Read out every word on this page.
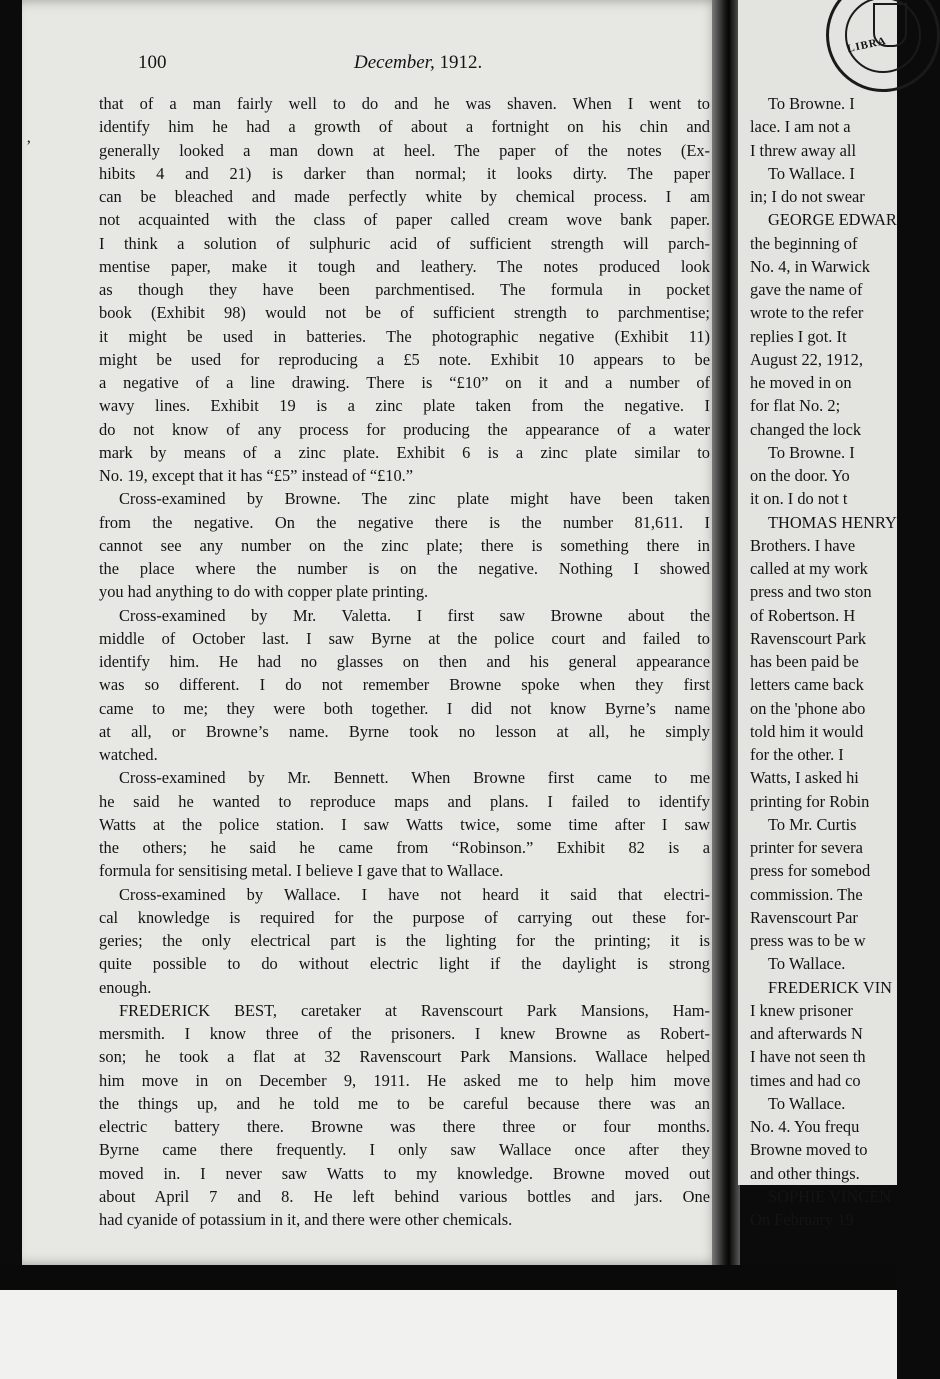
To Browne. I
lace. I am not a
I threw away all
To Wallace. I
in; I do not swear
GEORGE EDWAR
the beginning of
No. 4, in Warwick
gave the name of
wrote to the refer
replies I got. It
August 22, 1912,
he moved in on
for flat No. 2;
changed the lock
To Browne. I
on the door. Yo
it on. I do not t
THOMAS HENRY
Brothers. I have
called at my work
press and two ston
of Robertson. H
Ravenscourt Park
has been paid be
letters came back
on the 'phone abo
told him it would
for the other. I
Watts, I asked hi
printing for Robin
To Mr. Curtis
printer for severa
press for somebod
commission. The
Ravenscourt Par
press was to be w
To Wallace.
FREDERICK VIN
I knew prisoner
and afterwards N
I have not seen th
times and had co
To Wallace.
No. 4. You frequ
Browne moved to
and other things.
SOPHIE VINCEN
On February 19
LIBRA
’
100	December, 1912.
that of a man fairly well to do and he was shaven. When I went to
identify him he had a growth of about a fortnight on his chin and
generally looked a man down at heel. The paper of the notes (Ex-
hibits 4 and 21) is darker than normal; it looks dirty. The paper
can be bleached and made perfectly white by chemical process. I am
not acquainted with the class of paper called cream wove bank paper.
I think a solution of sulphuric acid of sufficient strength will parch-
mentise paper, make it tough and leathery. The notes produced look
as though they have been parchmentised. The formula in pocket
book (Exhibit 98) would not be of sufficient strength to parchmentise;
it might be used in batteries. The photographic negative (Exhibit 11)
might be used for reproducing a £5 note. Exhibit 10 appears to be
a negative of a line drawing. There is “£10” on it and a number of
wavy lines. Exhibit 19 is a zinc plate taken from the negative. I
do not know of any process for producing the appearance of a water
mark by means of a zinc plate. Exhibit 6 is a zinc plate similar to
No. 19, except that it has “£5” instead of “£10.”
Cross-examined by Browne. The zinc plate might have been taken
from the negative. On the negative there is the number 81,611. I
cannot see any number on the zinc plate; there is something there in
the place where the number is on the negative. Nothing I showed
you had anything to do with copper plate printing.
Cross-examined by Mr. Valetta. I first saw Browne about the
middle of October last. I saw Byrne at the police court and failed to
identify him. He had no glasses on then and his general appearance
was so different. I do not remember Browne spoke when they first
came to me; they were both together. I did not know Byrne’s name
at all, or Browne’s name. Byrne took no lesson at all, he simply
watched.
Cross-examined by Mr. Bennett. When Browne first came to me
he said he wanted to reproduce maps and plans. I failed to identify
Watts at the police station. I saw Watts twice, some time after I saw
the others; he said he came from “Robinson.” Exhibit 82 is a
formula for sensitising metal. I believe I gave that to Wallace.
Cross-examined by Wallace. I have not heard it said that electri-
cal knowledge is required for the purpose of carrying out these for-
geries; the only electrical part is the lighting for the printing; it is
quite possible to do without electric light if the daylight is strong
enough.
FREDERICK BEST, caretaker at Ravenscourt Park Mansions, Ham-
mersmith. I know three of the prisoners. I knew Browne as Robert-
son; he took a flat at 32 Ravenscourt Park Mansions. Wallace helped
him move in on December 9, 1911. He asked me to help him move
the things up, and he told me to be careful because there was an
electric battery there. Browne was there three or four months.
Byrne came there frequently. I only saw Wallace once after they
moved in. I never saw Watts to my knowledge. Browne moved out
about April 7 and 8. He left behind various bottles and jars. One
had cyanide of potassium in it, and there were other chemicals.
